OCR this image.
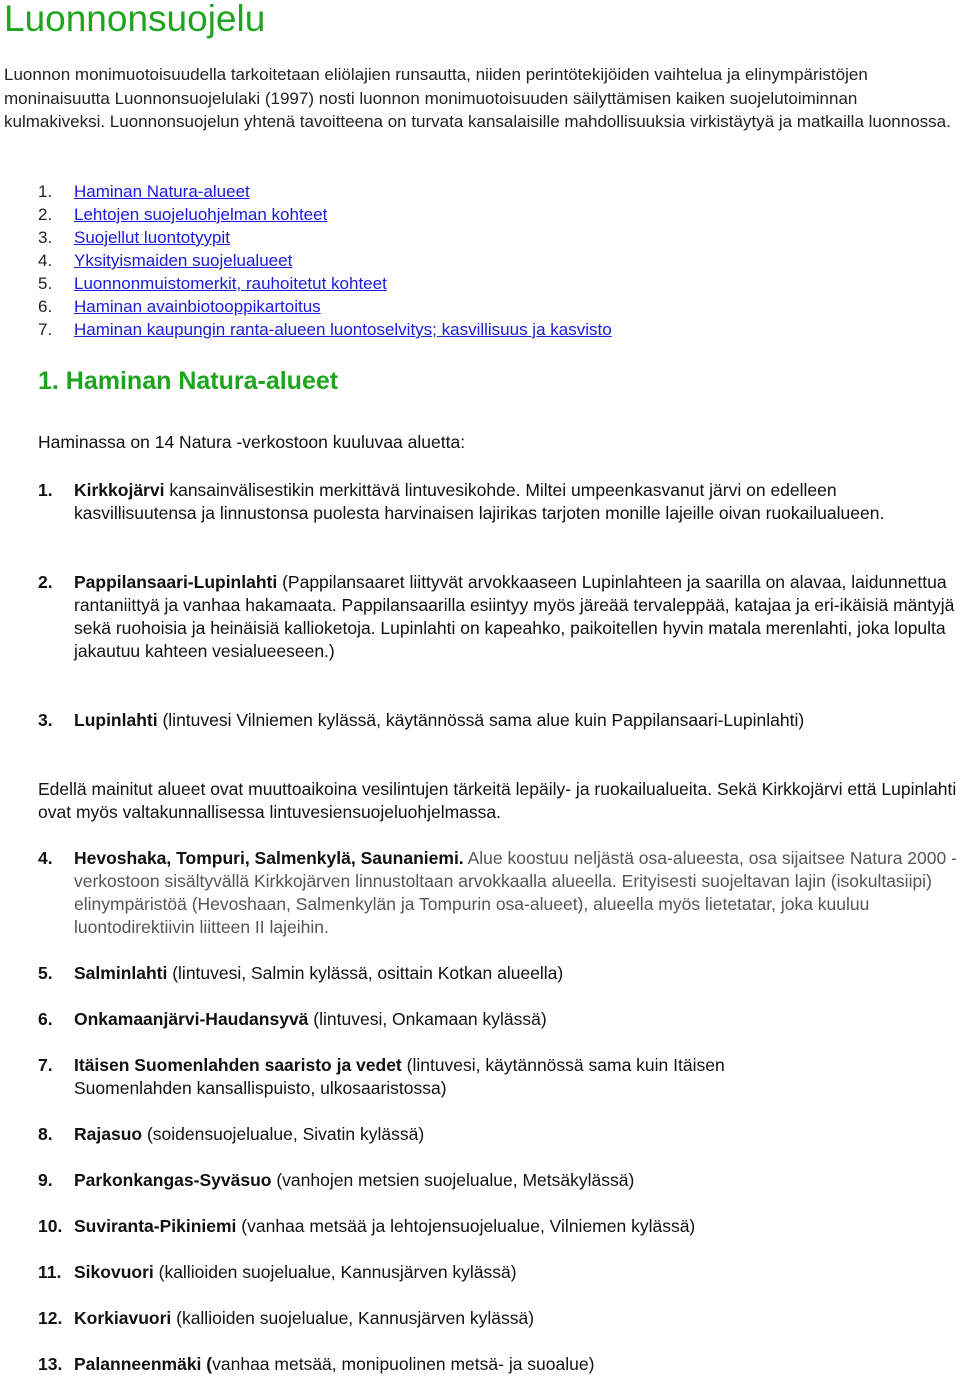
Luonnonsuojelu

Luonnon monimuotoisuudella tarkoitetaan eliölajien runsautta, niiden perintötekijöiden vaihtelua ja elinympäristöjen moninaisuutta Luonnonsuojelulaki (1997) nosti luonnon monimuotoisuuden säilyttämisen kaiken suojelutoiminnan kulmakiveksi. Luonnonsuojelun yhtenä tavoitteena on turvata kansalaisille mahdollisuuksia virkistäytyä ja matkailla luonnossa.

1. Haminan Natura-alueet
2. Lehtojen suojeluohjelman kohteet
3. Suojellut luontotyypit
4. Yksityismaiden suojelualueet
5. Luonnonmuistomerkit, rauhoitetut kohteet
6. Haminan avainbiotooppikartoitus
7. Haminan kaupungin ranta-alueen luontoselvitys; kasvillisuus ja kasvisto
1. Haminan Natura-alueet

Haminassa on 14 Natura -verkostoon kuuluvaa aluetta:

1. Kirkkojärvi kansainvälisestikin merkittävä lintuvesikohde. Miltei umpeenkasvanut järvi on edelleen kasvillisuutensa ja linnustonsa puolesta harvinaisen lajirikas tarjoten monille lajeille oivan ruokailualueen.
2. Pappilansaari-Lupinlahti (Pappilansaaret liittyvät arvokkaaseen Lupinlahteen ja saarilla on alavaa, laidunnettua rantaniittyä ja vanhaa hakamaata. Pappilansaarilla esiintyy myös järeää tervaleppää, katajaa ja eri-ikäisiä mäntyjä sekä ruohoisia ja heinäisiä kallioketoja. Lupinlahti on kapeahko, paikoitellen hyvin matala merenlahti, joka lopulta jakautuu kahteen vesialueeseen.)
3. Lupinlahti (lintuvesi Vilniemen kylässä, käytännössä sama alue kuin Pappilansaari-Lupinlahti)

Edellä mainitut alueet ovat muuttoaikoina vesilintujen tärkeitä lepäily- ja ruokailualueita. Sekä Kirkkojärvi että Lupinlahti ovat myös valtakunnallisessa lintuvesiensuojeluohjelmassa.

4. Hevoshaka, Tompuri, Salmenkylä, Saunaniemi. Alue koostuu neljästä osa-alueesta, osa sijaitsee Natura 2000 -verkostoon sisältyvällä Kirkkojärven linnustoltaan arvokkaalla alueella. Erityisesti suojeltavan lajin (isokultasiipi) elinympäristöä (Hevoshaan, Salmenkylän ja Tompurin osa-alueet), alueella myös lietetatar, joka kuuluu luontodirektiivin liitteen II lajeihin.
5. Salminlahti (lintuvesi, Salmin kylässä, osittain Kotkan alueella)
6. Onkamaanjärvi-Haudansyvä (lintuvesi, Onkamaan kylässä)
7. Itäisen Suomenlahden saaristo ja vedet (lintuvesi, käytännössä sama kuin Itäisen Suomenlahden kansallispuisto, ulkosaaristossa)
8. Rajasuo (soidensuojelualue, Sivatin kylässä)
9. Parkonkangas-Syväsuo (vanhojen metsien suojelualue, Metsäkylässä)
10. Suviranta-Pikiniemi (vanhaa metsää ja lehtojensuojelualue, Vilniemen kylässä)
11. Sikovuori (kallioiden suojelualue, Kannusjärven kylässä)
12. Korkiavuori (kallioiden suojelualue, Kannusjärven kylässä)
13. Palanneenmäki (vanhaa metsää, monipuolinen metsä- ja suoalue)
